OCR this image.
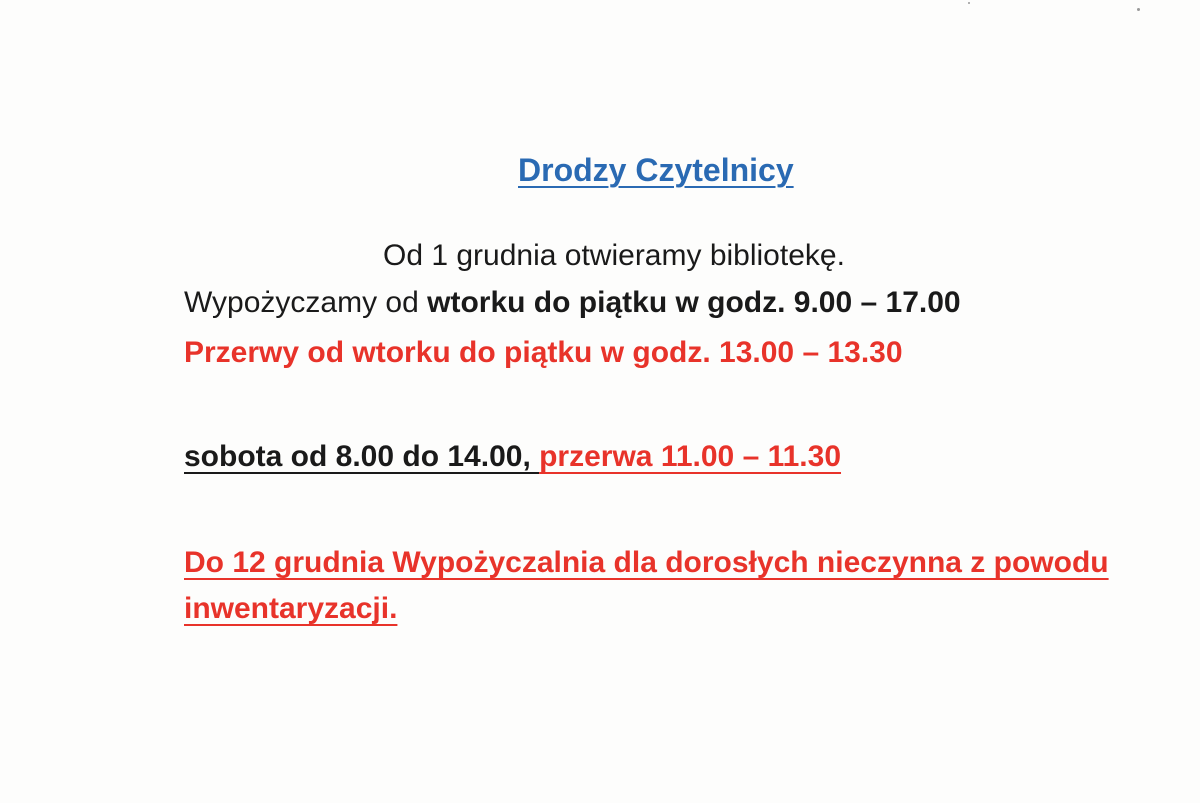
Drodzy Czytelnicy
Od 1 grudnia otwieramy bibliotekę.
Wypożyczamy od wtorku do piątku w godz. 9.00 – 17.00
Przerwy od wtorku do piątku w godz. 13.00 – 13.30
sobota od 8.00 do 14.00, przerwa 11.00 – 11.30
Do 12 grudnia Wypożyczalnia dla dorosłych nieczynna z powodu inwentaryzacji.
